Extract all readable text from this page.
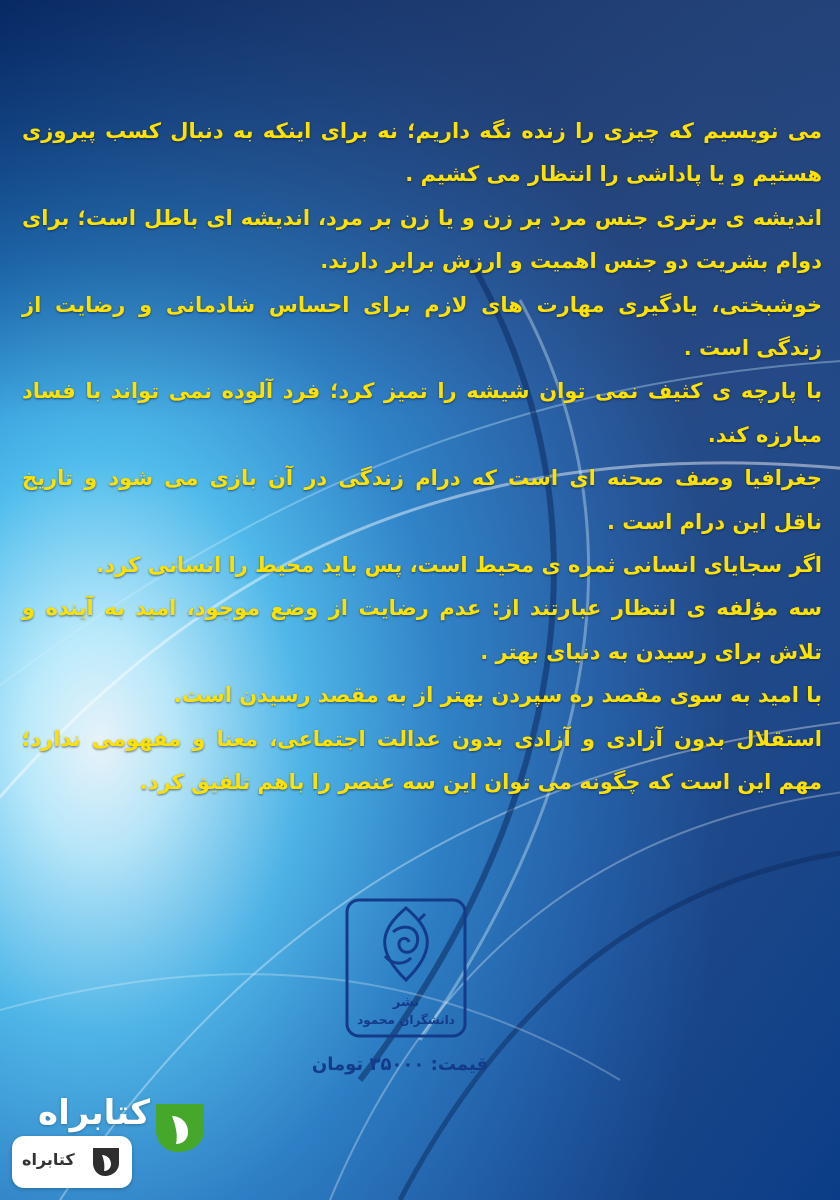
می نویسیم که چیزی را زنده نگه داریم؛ نه برای اینکه به دنبال کسب پیروزی هستیم و یا پاداشی را انتظار می کشیم .

اندیشه ی برتری جنس مرد بر زن و یا زن بر مرد، اندیشه ای باطل است؛ برای دوام بشریت دو جنس اهمیت و ارزش برابر دارند.

خوشبختی، یادگیری مهارت های لازم برای احساس شادمانی و رضایت از زندگی است .

با پارچه ی کثیف نمی توان شیشه را تمیز کرد؛ فرد آلوده نمی تواند با فساد مبارزه کند.

جغرافیا وصف صحنه ای است که درام زندگی در آن بازی می شود و تاریخ ناقل این درام است .

اگر سجایای انسانی ثمره ی محیط است، پس باید محیط را انسانی کرد.

سه مؤلفه ی انتظار عبارتند از: عدم رضایت از وضع موجود، امید به آینده و تلاش برای رسیدن به دنیای بهتر .

با امید به سوی مقصد ره سپردن بهتر از به مقصد رسیدن است.

استقلال بدون آزادی و آزادی بدون عدالت اجتماعی، معنا و مفهومی ندارد؛ مهم این است که چگونه می توان این سه عنصر را باهم تلفیق کرد.

نشر
دانشگران محمود
قیمت: ۳۵۰۰۰ تومان
کتابراه
کتابراه
